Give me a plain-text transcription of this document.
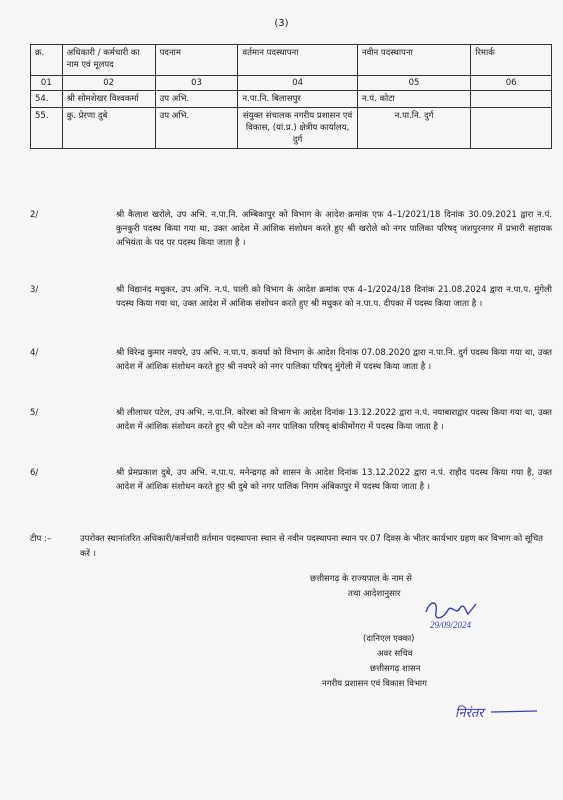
(3)
क्र.	अधिकारी / कर्मचारी का नाम एवं मूलपद	पदनाम	वर्तमान पदस्थापना	नवीन पदस्थापना	रिमार्क
01	02	03	04	05	06
54.	श्री सोमशेखर विश्वकर्मा	उप अभि.	न.पा.नि. बिलासपुर	न.पं. कोटा	
55.	कु. प्रेरणा दुबे	उप अभि.	संयुक्त संचालक नगरीय प्रशासन एवं विकास, (यां.प्र.) क्षेत्रीय कार्यालय, दुर्ग	न.पा.नि. दुर्ग	
2/	श्री कैलाश खरोले, उप अभि. न.पा.नि. अम्बिकापुर को विभाग के आदेश क्रमांक एफ 4–1/2021/18 दिनांक 30.09.2021 द्वारा न.पं. कुनकुरी पदस्थ किया गया था, उक्त आदेश में आंशिक संशोधन करते हुए श्री खरोले को नगर पालिका परिषद् जशपुरनगर में प्रभारी सहायक अभियंता के पद पर पदस्थ किया जाता है ।
3/	श्री विद्यानंद मधुकर, उप अभि. न.पं. पाली को विभाग के आदेश क्रमांक एफ 4–1/2024/18 दिनांक 21.08.2024 द्वारा न.पा.प. मुंगेली पदस्थ किया गया था, उक्त आदेश में आंशिक संशोधन करते हुए श्री मधुकर को न.पा.प. दीपका में पदस्थ किया जाता है ।
4/	श्री विरेन्द्र कुमार नवघरे, उप अभि. न.पा.प. कवर्धा को विभाग के आदेश दिनांक 07.08.2020 द्वारा न.पा.नि. दुर्ग पदस्थ किया गया था, उक्त आदेश में आंशिक संशोधन करते हुए श्री नवघरे को नगर पालिका परिषद् मुंगेली में पदस्थ किया जाता है ।
5/	श्री लीलाधर पटेल, उप अभि. न.पा.नि. कोरबा को विभाग के आदेश दिनांक 13.12.2022 द्वारा न.पं. नयाबाराद्वार पदस्थ किया गया था, उक्त आदेश में आंशिक संशोधन करते हुए श्री पटेल को नगर पालिका परिषद् बांकीमोंगरा में पदस्थ किया जाता है ।
6/	श्री प्रेमप्रकाश दुबे, उप अभि. न.पा.प. मनेन्द्रगढ़ को शासन के आदेश दिनांक 13.12.2022 द्वारा न.पं. राहौद पदस्थ किया गया है, उक्त आदेश में आंशिक संशोधन करते हुए श्री दुबे को नगर पालिक निगम अंबिकापुर में पदस्थ किया जाता है ।
टीप :–	उपरोक्त स्थानांतरित अधिकारी/कर्मचारी वर्तमान पदस्थापना स्थान से नवीन पदस्थापना स्थान पर 07 दिवस के भीतर कार्यभार ग्रहण कर विभाग को सूचित करें ।
छत्तीसगढ़ के राज्यपाल के नाम से
तथा आदेशानुसार
29/09/2024
(दानिएल एक्का)
अवर सचिव
छत्तीसगढ़ शासन
नगरीय प्रशासन एवं विकास विभाग
निरंतर
